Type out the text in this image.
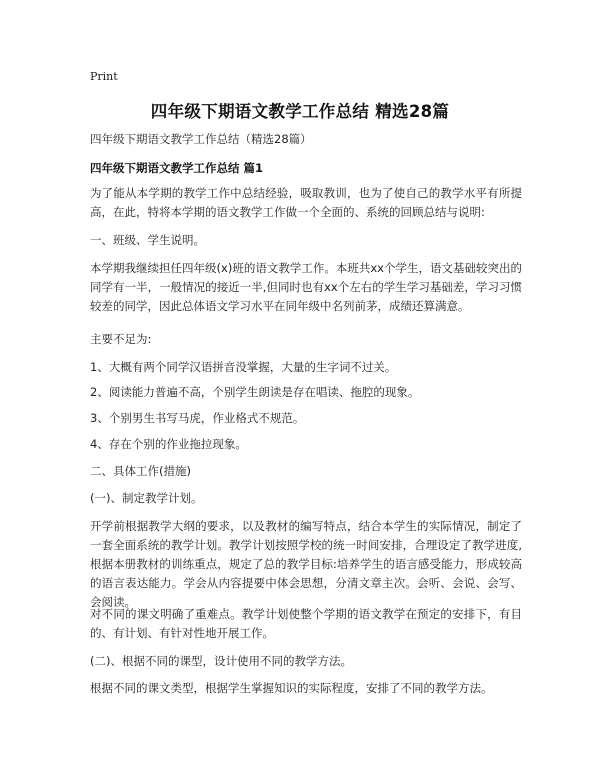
Print
四年级下期语文教学工作总结 精选28篇
四年级下期语文教学工作总结（精选28篇）
四年级下期语文教学工作总结 篇1

为了能从本学期的教学工作中总结经验，吸取教训，也为了使自己的教学水平有所提高，在此，特将本学期的语文教学工作做一个全面的、系统的回顾总结与说明:

一、班级、学生说明。

本学期我继续担任四年级(x)班的语文教学工作。本班共xx个学生，语文基础较突出的同学有一半，一般情况的接近一半,但同时也有xx个左右的学生学习基础差，学习习惯较差的同学，因此总体语文学习水平在同年级中名列前茅，成绩还算满意。

主要不足为:

1、大概有两个同学汉语拼音没掌握，大量的生字词不过关。

2、阅读能力普遍不高，个别学生朗读是存在唱读、拖腔的现象。

3、个别男生书写马虎，作业格式不规范。

4、存在个别的作业拖拉现象。

二、具体工作(措施)

(一)、制定教学计划。

开学前根据教学大纲的要求，以及教材的编写特点，结合本学生的实际情况，制定了一套全面系统的教学计划。教学计划按照学校的统一时间安排，合理设定了教学进度,根据本册教材的训练重点，规定了总的教学目标:培养学生的语言感受能力，形成较高的语言表达能力。学会从内容提要中体会思想，分清文章主次。会听、会说、会写、会阅读。

对不同的课文明确了重难点。教学计划使整个学期的语文教学在预定的安排下，有目的、有计划、有针对性地开展工作。

(二)、根据不同的课型，设计使用不同的教学方法。

根据不同的课文类型，根据学生掌握知识的实际程度，安排了不同的教学方法。
